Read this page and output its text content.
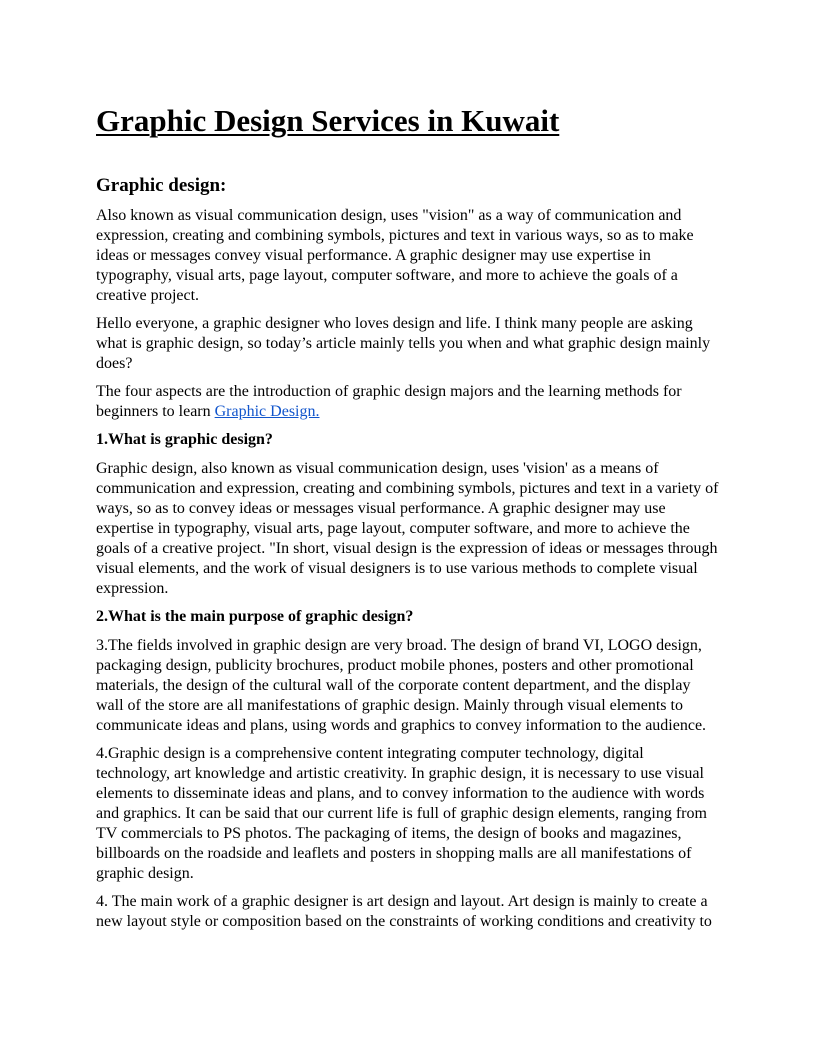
Graphic Design Services in Kuwait
Graphic design:

Also known as visual communication design, uses "vision" as a way of communication and expression, creating and combining symbols, pictures and text in various ways, so as to make ideas or messages convey visual performance. A graphic designer may use expertise in typography, visual arts, page layout, computer software, and more to achieve the goals of a creative project.

Hello everyone, a graphic designer who loves design and life. I think many people are asking what is graphic design, so today’s article mainly tells you when and what graphic design mainly does?

The four aspects are the introduction of graphic design majors and the learning methods for beginners to learn Graphic Design.

1.What is graphic design?

Graphic design, also known as visual communication design, uses 'vision' as a means of communication and expression, creating and combining symbols, pictures and text in a variety of ways, so as to convey ideas or messages visual performance. A graphic designer may use expertise in typography, visual arts, page layout, computer software, and more to achieve the goals of a creative project. "In short, visual design is the expression of ideas or messages through visual elements, and the work of visual designers is to use various methods to complete visual expression.

2.What is the main purpose of graphic design?

3.The fields involved in graphic design are very broad. The design of brand VI, LOGO design, packaging design, publicity brochures, product mobile phones, posters and other promotional materials, the design of the cultural wall of the corporate content department, and the display wall of the store are all manifestations of graphic design. Mainly through visual elements to communicate ideas and plans, using words and graphics to convey information to the audience.

4.Graphic design is a comprehensive content integrating computer technology, digital technology, art knowledge and artistic creativity. In graphic design, it is necessary to use visual elements to disseminate ideas and plans, and to convey information to the audience with words and graphics. It can be said that our current life is full of graphic design elements, ranging from TV commercials to PS photos. The packaging of items, the design of books and magazines, billboards on the roadside and leaflets and posters in shopping malls are all manifestations of graphic design.

4. The main work of a graphic designer is art design and layout. Art design is mainly to create a new layout style or composition based on the constraints of working conditions and creativity to
